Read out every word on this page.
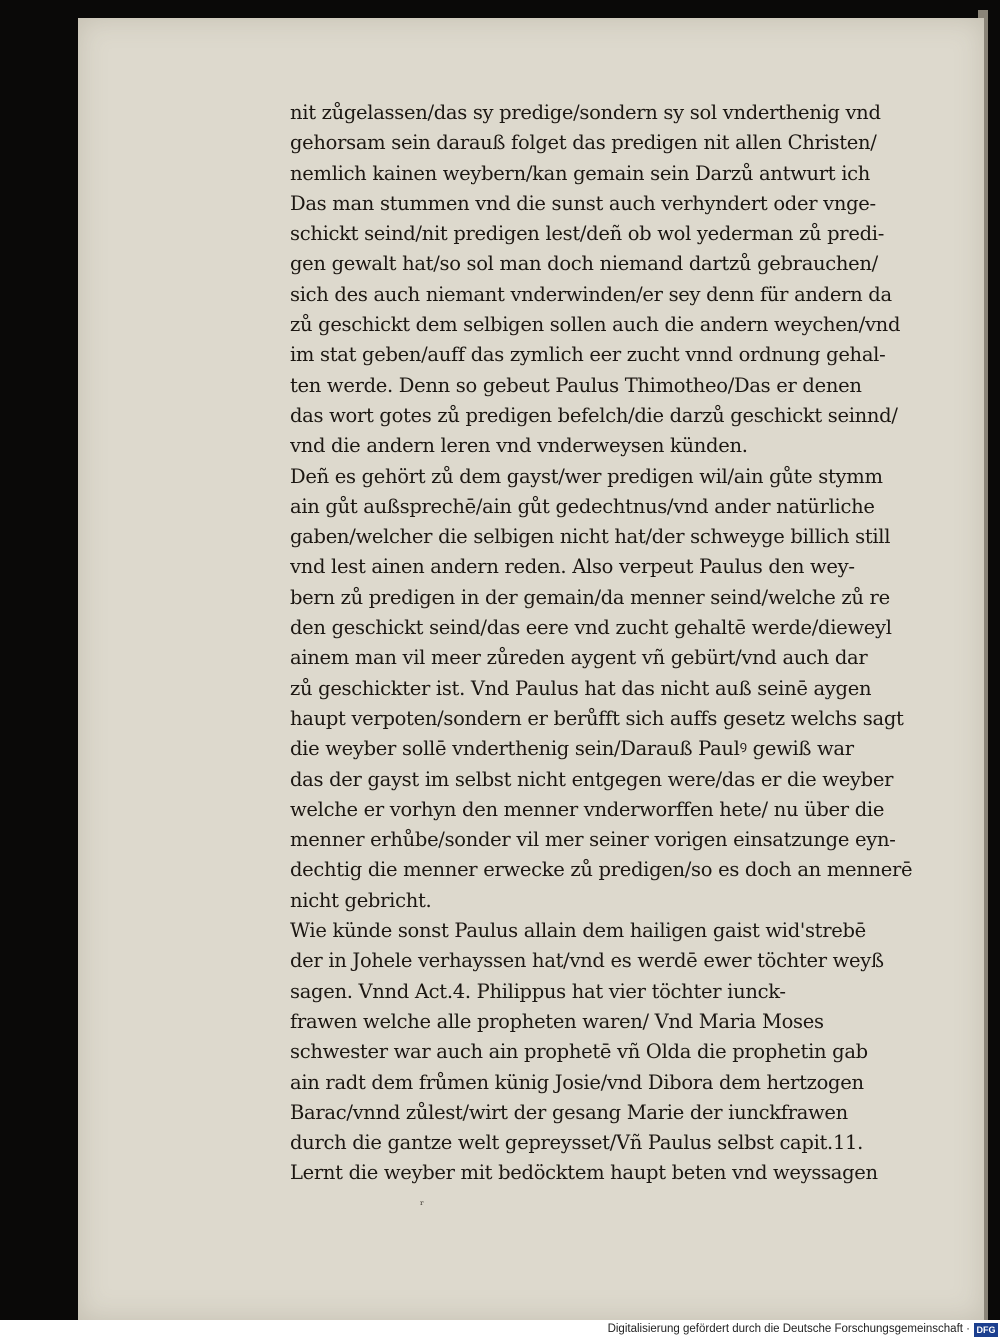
nit zůgelassen/das sy predige/sondern sy sol vnderthenig vnd
gehorsam sein darauß folget das predigen nit allen Christen/
nemlich kainen weybern/kan gemain sein Darzů antwurt ich
Das man stummen vnd die sunst auch verhyndert oder vnge-
schickt seind/nit predigen lest/deñ ob wol yederman zů predi-
gen gewalt hat/so sol man doch niemand dartzů gebrauchen/
sich des auch niemant vnderwinden/er sey denn für andern da
zů geschickt dem selbigen sollen auch die andern weychen/vnd
im stat geben/auff das zymlich eer zucht vnnd ordnung gehal-
ten werde. Denn so gebeut Paulus Thimotheo/Das er denen
das wort gotes zů predigen befelch/die darzů geschickt seinnd/
vnd die andern leren vnd vnderweysen künden.
Deñ es gehört zů dem gayst/wer predigen wil/ain gůte stymm
ain gůt außsprechē/ain gůt gedechtnus/vnd ander natürliche
gaben/welcher die selbigen nicht hat/der schweyge billich still
vnd lest ainen andern reden. Also verpeut Paulus den wey-
bern zů predigen in der gemain/da menner seind/welche zů re
den geschickt seind/das eere vnd zucht gehaltē werde/dieweyl
ainem man vil meer zůreden aygent vñ gebürt/vnd auch dar
zů geschickter ist. Vnd Paulus hat das nicht auß seinē aygen
haupt verpoten/sondern er berůfft sich auffs gesetz welchs sagt
die weyber sollē vnderthenig sein/Darauß Paulꝰ gewiß war
das der gayst im selbst nicht entgegen were/das er die weyber
welche er vorhyn den menner vnderworffen hete/ nu über die
menner erhůbe/sonder vil mer seiner vorigen einsatzunge eyn-
dechtig die menner erwecke zů predigen/so es doch an mennerē
nicht gebricht.
Wie künde sonst Paulus allain dem hailigen gaist wid'strebē
der in Johele verhayssen hat/vnd es werdē ewer töchter weyß
sagen. Vnnd Act.4. Philippus hat vier töchter iunck-
frawen welche alle propheten waren/ Vnd Maria Moses
schwester war auch ain prophetē vñ Olda die prophetin gab
ain radt dem frůmen künig Josie/vnd Dibora dem hertzogen
Barac/vnnd zůlest/wirt der gesang Marie der iunckfrawen
durch die gantze welt gepreysset/Vñ Paulus selbst capit.11.
Lernt die weyber mit bedöcktem haupt beten vnd weyssagen
ʳ
Digitalisierung gefördert durch die Deutsche Forschungsgemeinschaft · DFG
